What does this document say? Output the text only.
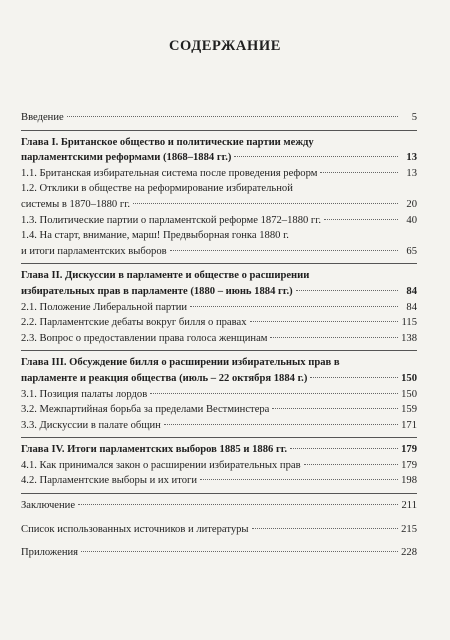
СОДЕРЖАНИЕ
Введение	5
Глава I. Британское общество и политические партии между
парламентскими реформами (1868–1884 гг.)	13
1.1. Британская избирательная система после проведения реформ	13
1.2. Отклики в обществе на реформирование избирательной
системы в 1870–1880 гг.	20
1.3. Политические партии о парламентской реформе 1872–1880 гг.	40
1.4. На старт, внимание, марш! Предвыборная гонка 1880 г.
и итоги парламентских выборов	65
Глава II. Дискуссии в парламенте и обществе о расширении
избирательных прав в парламенте (1880 – июнь 1884 гг.)	84
2.1. Положение Либеральной партии	84
2.2. Парламентские дебаты вокруг билля о правах	115
2.3. Вопрос о предоставлении права голоса женщинам	138
Глава III. Обсуждение билля о расширении избирательных прав в
парламенте и реакция общества (июль – 22 октября 1884 г.)	150
3.1. Позиция палаты лордов	150
3.2. Межпартийная борьба за пределами Вестминстера	159
3.3. Дискуссии в палате общин	171
Глава IV. Итоги парламентских выборов 1885 и 1886 гг.	179
4.1. Как принимался закон о расширении избирательных прав	179
4.2. Парламентские выборы и их итоги	198
Заключение	211
Список использованных источников и литературы	215
Приложения	228
